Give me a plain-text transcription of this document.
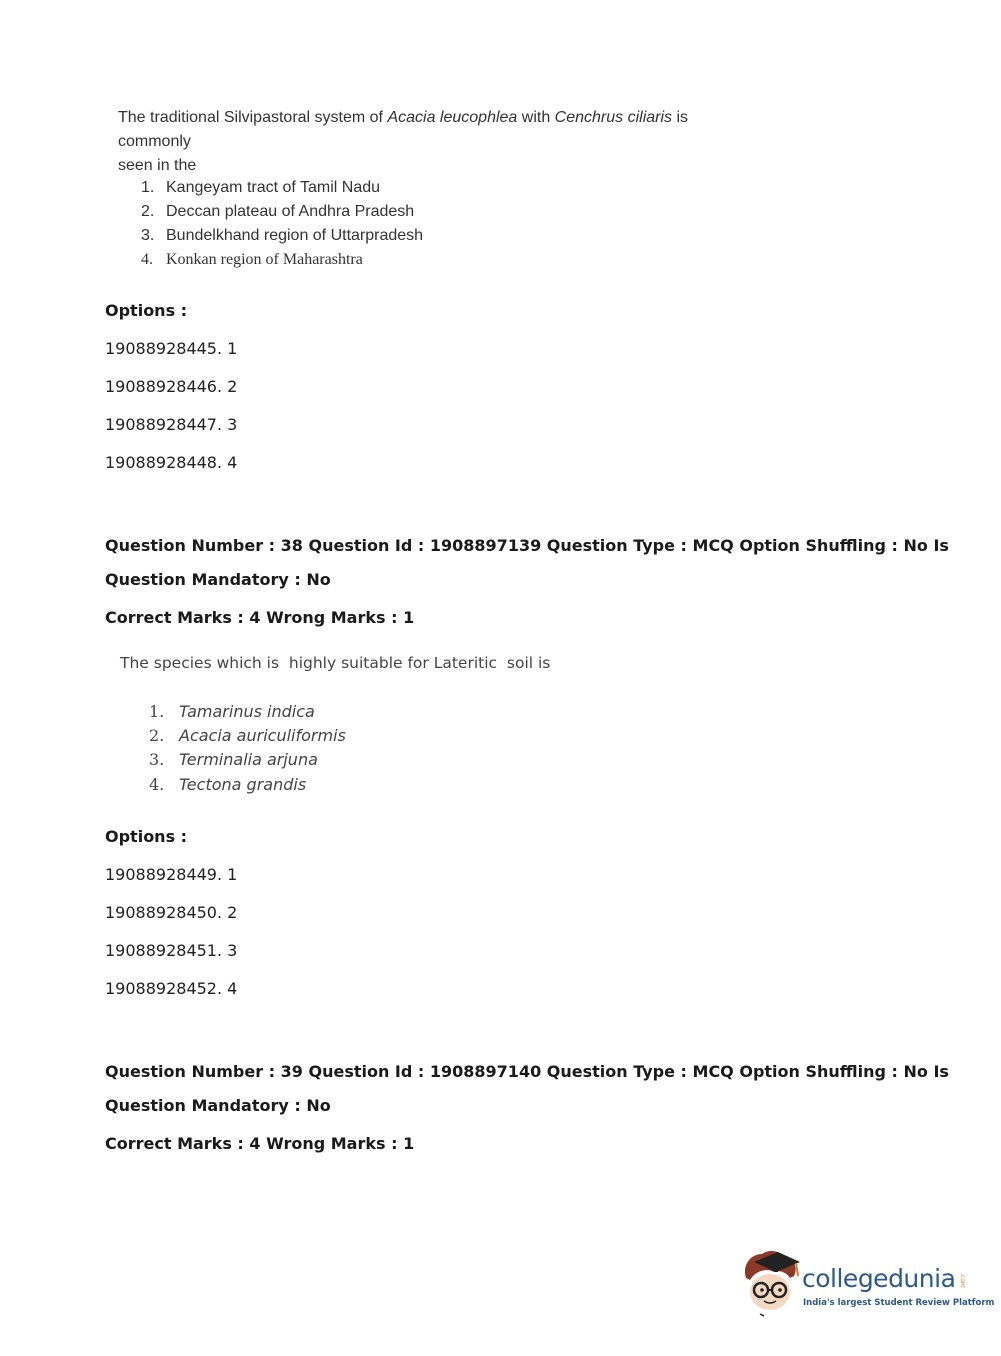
The traditional Silvipastoral system of Acacia leucophlea with Cenchrus ciliaris is commonly
seen in the
1. Kangeyam tract of Tamil Nadu
2. Deccan plateau of Andhra Pradesh
3. Bundelkhand region of Uttarpradesh
4. Konkan region of Maharashtra
Options :
19088928445. 1
19088928446. 2
19088928447. 3
19088928448. 4
Question Number : 38 Question Id : 1908897139 Question Type : MCQ Option Shuffling : No Is
Question Mandatory : No
Correct Marks : 4 Wrong Marks : 1
The species which is  highly suitable for Lateritic  soil is
1. Tamarinus indica
2. Acacia auriculiformis
3. Terminalia arjuna
4. Tectona grandis
Options :
19088928449. 1
19088928450. 2
19088928451. 3
19088928452. 4
Question Number : 39 Question Id : 1908897140 Question Type : MCQ Option Shuffling : No Is
Question Mandatory : No
Correct Marks : 4 Wrong Marks : 1
collegedunia .com
India's largest Student Review Platform
